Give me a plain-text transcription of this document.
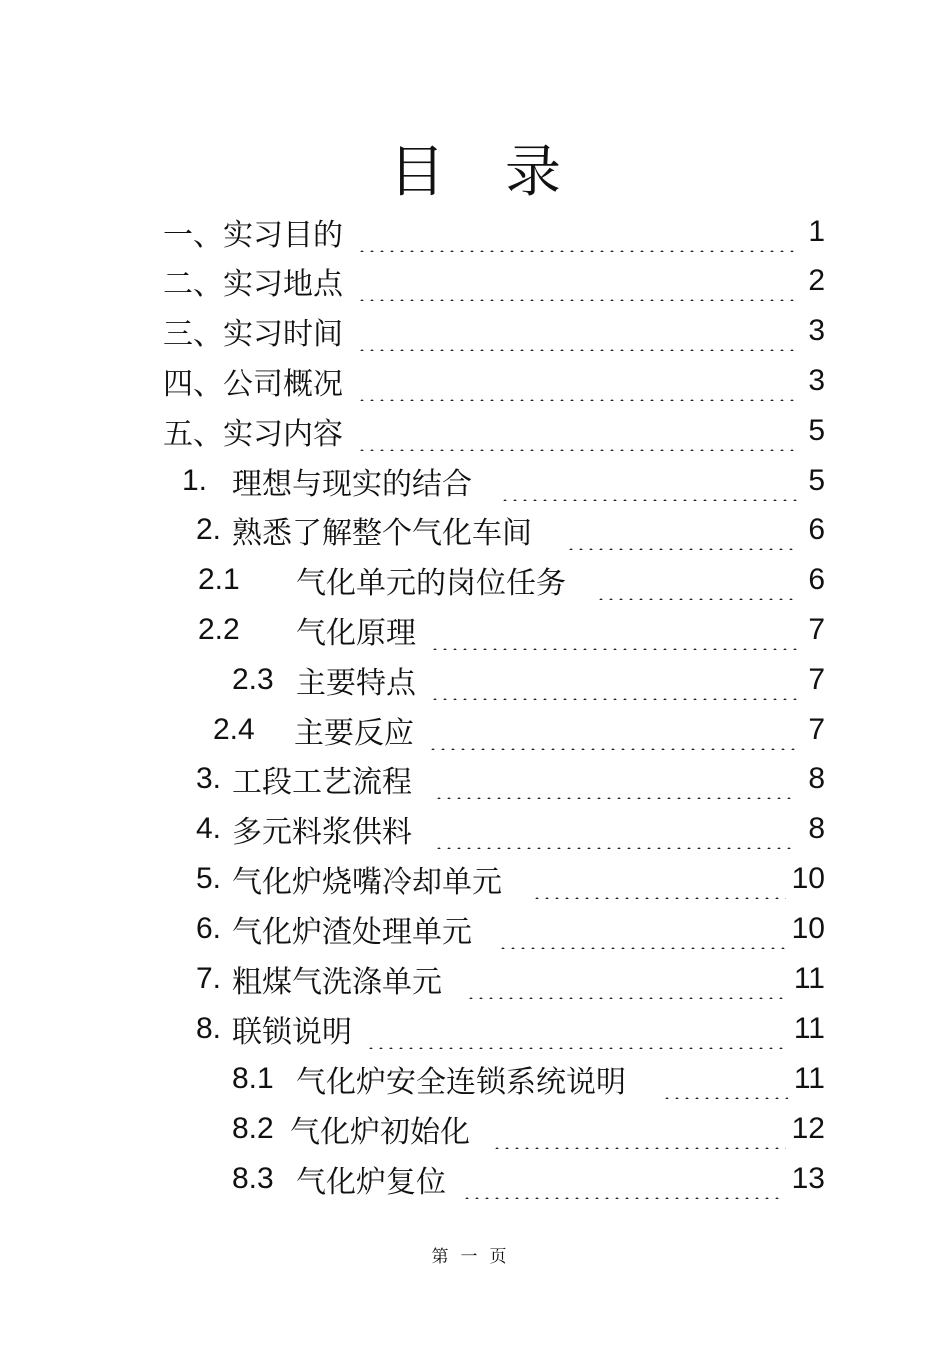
目 录
一、 实习目的	1
二、 实习地点	2
三、 实习时间	3
四、 公司概况	3
五、 实习内容	5
1. 理想与现实的结合	5
2. 熟悉了解整个气化车间	6
2.1	气化单元的岗位任务	6
2.2	气化原理	7
2.3 主要特点	7
2.4	主要反应	7
3. 工段工艺流程	8
4. 多元料浆供料	8
5. 气化炉烧嘴冷却单元	10
6. 气化炉渣处理单元	10
7. 粗煤气洗涤单元	11
8. 联锁说明	11
8.1 气化炉安全连锁系统说明	11
8.2 气化炉初始化	12
8.3 气化炉复位	13
第一页
